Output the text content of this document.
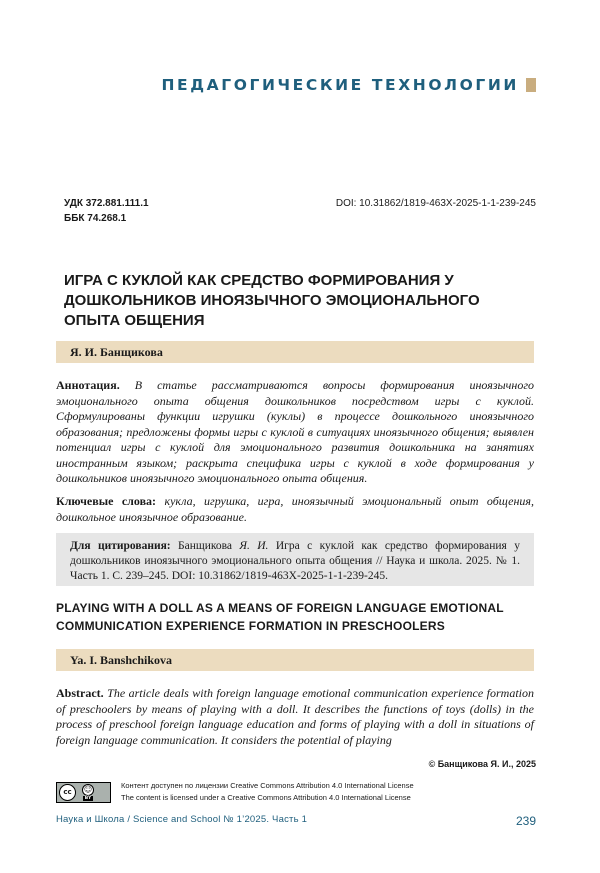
ПЕДАГОГИЧЕСКИЕ ТЕХНОЛОГИИ
УДК 372.881.111.1
ББК 74.268.1
DOI: 10.31862/1819-463X-2025-1-1-239-245
ИГРА С КУКЛОЙ КАК СРЕДСТВО ФОРМИРОВАНИЯ У ДОШКОЛЬНИКОВ ИНОЯЗЫЧНОГО ЭМОЦИОНАЛЬНОГО ОПЫТА ОБЩЕНИЯ
Я. И. Банщикова

Аннотация. В статье рассматриваются вопросы формирования иноязычного эмоционального опыта общения дошкольников посредством игры с куклой. Сформулированы функции игрушки (куклы) в процессе дошкольного иноязычного образования; предложены формы игры с куклой в ситуациях иноязычного общения; выявлен потенциал игры с куклой для эмоционального развития дошкольника на занятиях иностранным языком; раскрыта специфика игры с куклой в ходе формирования у дошкольников иноязычного эмоционального опыта общения.

Ключевые слова: кукла, игрушка, игра, иноязычный эмоциональный опыт общения, дошкольное иноязычное образование.

Для цитирования: Банщикова Я. И. Игра с куклой как средство формирования у дошкольников иноязычного эмоционального опыта общения // Наука и школа. 2025. № 1. Часть 1. С. 239–245. DOI: 10.31862/1819-463X-2025-1-1-239-245.
PLAYING WITH A DOLL AS A MEANS OF FOREIGN LANGUAGE EMOTIONAL COMMUNICATION EXPERIENCE FORMATION IN PRESCHOOLERS
Ya. I. Banshchikova

Abstract. The article deals with foreign language emotional communication experience formation of preschoolers by means of playing with a doll. It describes the functions of toys (dolls) in the process of preschool foreign language education and forms of playing with a doll in situations of foreign language communication. It considers the potential of playing

© Банщикова Я. И., 2025
cc	☺
BY
Контент доступен по лицензии Creative Commons Attribution 4.0 International License
The content is licensed under a Creative Commons Attribution 4.0 International License
Наука и Школа / Science and School № 1’2025. Часть 1	239
